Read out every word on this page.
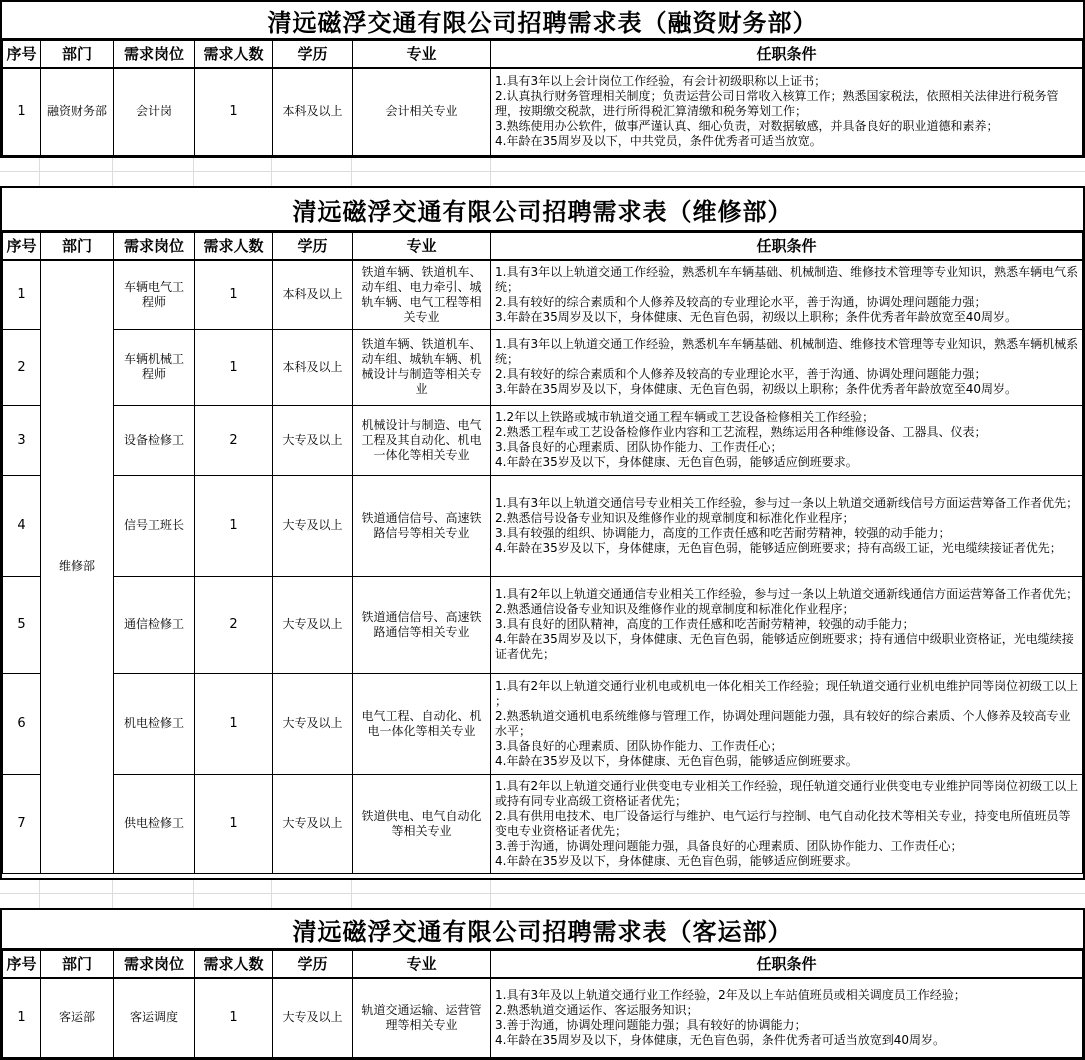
清远磁浮交通有限公司招聘需求表（融资财务部）
序号	部门	需求岗位	需求人数	学历	专业	任职条件
1	融资财务部	会计岗	1	本科及以上	会计相关专业	1.具有3年以上会计岗位工作经验，有会计初级职称以上证书；
2.认真执行财务管理相关制度；负责运营公司日常收入核算工作；熟悉国家税法，依照相关法律进行税务管理，按期缴交税款，进行所得税汇算清缴和税务筹划工作；
3.熟练使用办公软件，做事严谨认真、细心负责，对数据敏感，并具备良好的职业道德和素养；
4.年龄在35周岁及以下，中共党员，条件优秀者可适当放宽。
清远磁浮交通有限公司招聘需求表（维修部）
序号	部门	需求岗位	需求人数	学历	专业	任职条件
1	维修部	车辆电气工程师	1	本科及以上	铁道车辆、铁道机车、动车组、电力牵引、城轨车辆、电气工程等相关专业	1.具有3年以上轨道交通工作经验，熟悉机车车辆基础、机械制造、维修技术管理等专业知识，熟悉车辆电气系统；
2.具有较好的综合素质和个人修养及较高的专业理论水平，善于沟通，协调处理问题能力强；
3.年龄在35周岁及以下，身体健康、无色盲色弱，初级以上职称；条件优秀者年龄放宽至40周岁。

2		车辆机械工程师	1	本科及以上	铁道车辆、铁道机车、动车组、城轨车辆、机械设计与制造等相关专业	1.具有3年以上轨道交通工作经验，熟悉机车车辆基础、机械制造、维修技术管理等专业知识，熟悉车辆机械系统；
2.具有较好的综合素质和个人修养及较高的专业理论水平，善于沟通、协调处理问题能力强；
3.年龄在35周岁及以下，身体健康、无色盲色弱，初级以上职称；条件优秀者年龄放宽至40周岁。

3		设备检修工	2	大专及以上	机械设计与制造、电气工程及其自动化、机电一体化等相关专业	1.2年以上铁路或城市轨道交通工程车辆或工艺设备检修相关工作经验；
2.熟悉工程车或工艺设备检修作业内容和工艺流程，熟练运用各种维修设备、工器具、仪表；
3.具备良好的心理素质、团队协作能力、工作责任心；
4.年龄在35岁及以下，身体健康、无色盲色弱，能够适应倒班要求。

4		信号工班长	1	大专及以上	铁道通信信号、高速铁路信号等相关专业	1.具有3年以上轨道交通信号专业相关工作经验，参与过一条以上轨道交通新线信号方面运营筹备工作者优先；
2.熟悉信号设备专业知识及维修作业的规章制度和标准化作业程序；
3.具有较强的组织、协调能力，高度的工作责任感和吃苦耐劳精神，较强的动手能力；
4.年龄在35岁及以下，身体健康，无色盲色弱，能够适应倒班要求；持有高级工证，光电缆续接证者优先；

5		通信检修工	2	大专及以上	铁道通信信号、高速铁路通信等相关专业	1.具有2年以上轨道交通通信专业相关工作经验，参与过一条以上轨道交通新线通信方面运营筹备工作者优先；
2.熟悉通信设备专业知识及维修作业的规章制度和标准化作业程序；
3.具有良好的团队精神，高度的工作责任感和吃苦耐劳精神，较强的动手能力；
4.年龄在35周岁及以下，身体健康、无色盲色弱，能够适应倒班要求；持有通信中级职业资格证，光电缆续接证者优先；

6		机电检修工	1	大专及以上	电气工程、自动化、机电一体化等相关专业	1.具有2年以上轨道交通行业机电或机电一体化相关工作经验；现任轨道交通行业机电维护同等岗位初级工以上 ；
2.熟悉轨道交通机电系统维修与管理工作，协调处理问题能力强，具有较好的综合素质、个人修养及较高专业水平；
3.具备良好的心理素质、团队协作能力、工作责任心；
4.年龄在35岁及以下，身体健康、无色盲色弱，能够适应倒班要求。

7		供电检修工	1	大专及以上	铁道供电、电气自动化等相关专业	1.具有2年以上轨道交通行业供变电专业相关工作经验，现任轨道交通行业供变电专业维护同等岗位初级工以上或持有同专业高级工资格证者优先；
2.具有供用电技术、电厂设备运行与维护、电气运行与控制、电气自动化技术等相关专业，持变电所值班员等变电专业资格证者优先；
3.善于沟通，协调处理问题能力强，具备良好的心理素质、团队协作能力、工作责任心；
4.年龄在35岁及以下，身体健康、无色盲色弱，能够适应倒班要求。
清远磁浮交通有限公司招聘需求表（客运部）
序号	部门	需求岗位	需求人数	学历	专业	任职条件
1	客运部	客运调度	1	大专及以上	轨道交通运输、运营管理等相关专业	1.具有3年及以上轨道交通行业工作经验，2年及以上车站值班员或相关调度员工作经验；
2.熟悉轨道交通运作、客运服务知识；
3.善于沟通，协调处理问题能力强；具有较好的协调能力；
4.年龄在35周岁及以下，身体健康，无色盲色弱，条件优秀者可适当放宽到40周岁。
